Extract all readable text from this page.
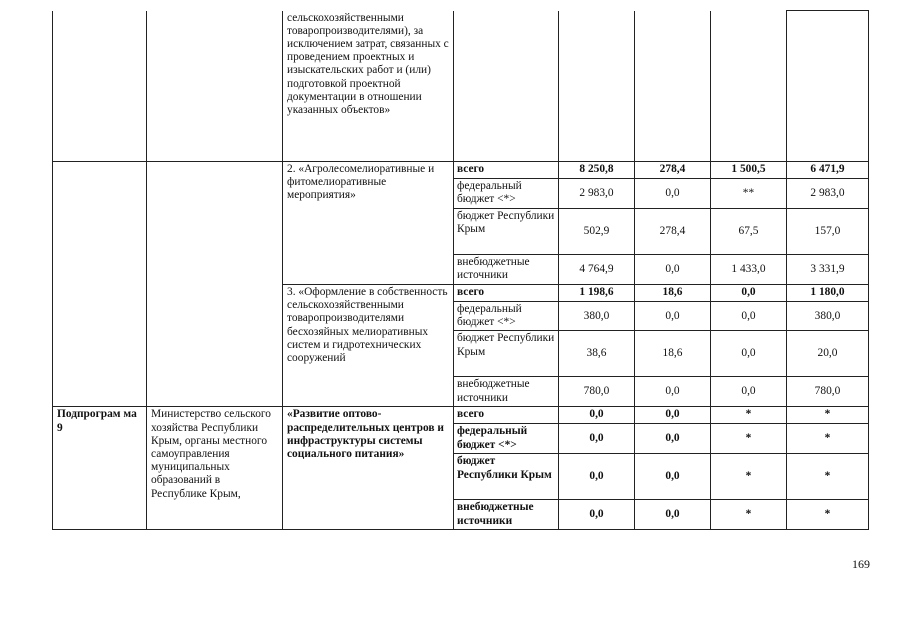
		сельскохозяйственными товаропроизводителями), за исключением затрат, связанных с проведением проектных и изыскательских работ и (или) подготовкой проектной документации в отношении указанных объектов»					
		2. «Агролесомелиоративные и фитомелиоративные мероприятия»	всего	8 250,8	278,4	1 500,5	6 471,9
			федеральный бюджет <*>	2 983,0	0,0	**	2 983,0
			бюджет Республики Крым	502,9	278,4	67,5	157,0
			внебюджетные источники	4 764,9	0,0	1 433,0	3 331,9
		3. «Оформление в собственность сельскохозяйственными товаропроизводителями бесхозяйных мелиоративных систем и гидротехнических сооружений	всего	1 198,6	18,6	0,0	1 180,0
			федеральный бюджет <*>	380,0	0,0	0,0	380,0
			бюджет Республики Крым	38,6	18,6	0,0	20,0
			внебюджетные источники	780,0	0,0	0,0	780,0
Подпрограм ма 9	Министерство сельского хозяйства Республики Крым, органы местного самоуправления муниципальных образований в Республике Крым,	«Развитие оптово-распределительных центров и инфраструктуры системы социального питания»	всего	0,0	0,0	*	*
			федеральный бюджет <*>	0,0	0,0	*	*
			бюджет Республики Крым	0,0	0,0	*	*
			внебюджетные источники	0,0	0,0	*	*
169
